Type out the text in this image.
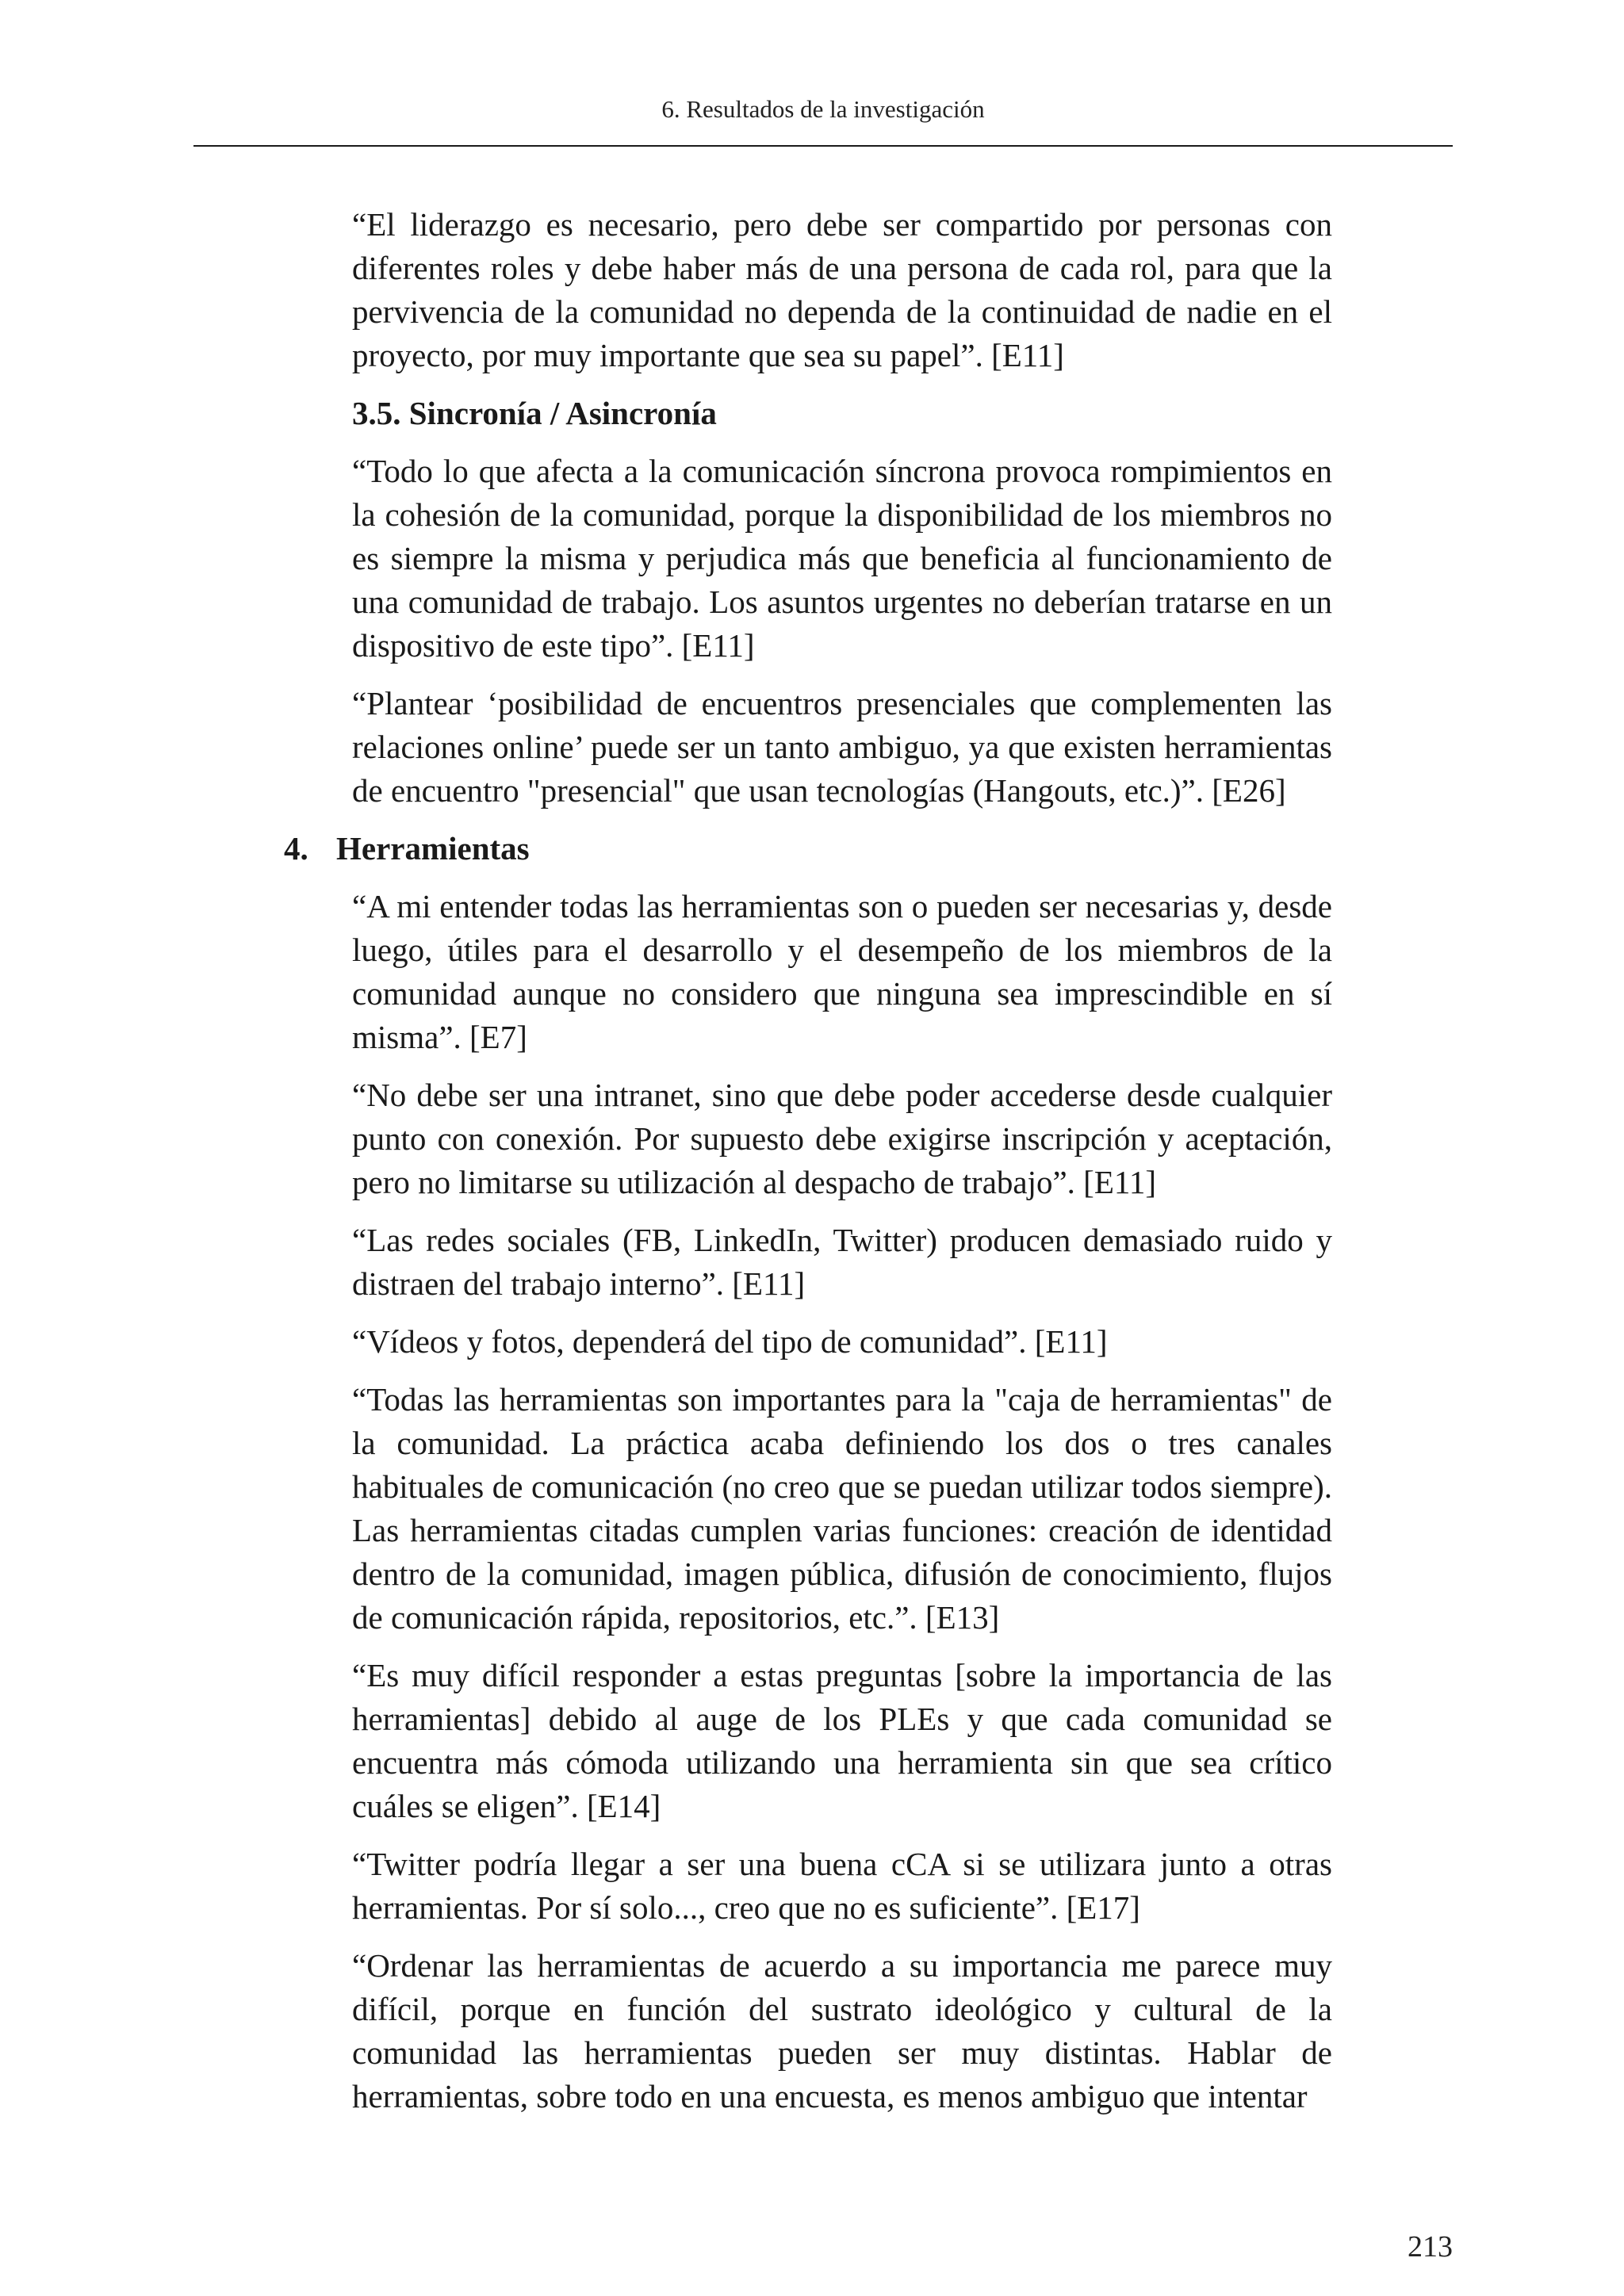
6. Resultados de la investigación

“El liderazgo es necesario, pero debe ser compartido por personas con diferentes roles y debe haber más de una persona de cada rol, para que la pervivencia de la comunidad no dependa de la continuidad de nadie en el proyecto, por muy importante que sea su papel”. [E11]

3.5. Sincronía / Asincronía

“Todo lo que afecta a la comunicación síncrona provoca rompimientos en la cohesión de la comunidad, porque la disponibilidad de los miembros no es siempre la misma y perjudica más que beneficia al funcionamiento de una comunidad de trabajo. Los asuntos urgentes no deberían tratarse en un dispositivo de este tipo”. [E11]

“Plantear ‘posibilidad de encuentros presenciales que complementen las relaciones online’ puede ser un tanto ambiguo, ya que existen herramientas de encuentro "presencial" que usan tecnologías (Hangouts, etc.)”. [E26]

4. Herramientas

“A mi entender todas las herramientas son o pueden ser necesarias y, desde luego, útiles para el desarrollo y el desempeño de los miembros de la comunidad aunque no considero que ninguna sea imprescindible en sí misma”. [E7]

“No debe ser una intranet, sino que debe poder accederse desde cualquier punto con conexión. Por supuesto debe exigirse inscripción y aceptación, pero no limitarse su utilización al despacho de trabajo”. [E11]

“Las redes sociales (FB, LinkedIn, Twitter) producen demasiado ruido y distraen del trabajo interno”. [E11]

“Vídeos y fotos, dependerá del tipo de comunidad”. [E11]

“Todas las herramientas son importantes para la "caja de herramientas" de la comunidad. La práctica acaba definiendo los dos o tres canales habituales de comunicación (no creo que se puedan utilizar todos siempre). Las herramientas citadas cumplen varias funciones: creación de identidad dentro de la comunidad, imagen pública, difusión de conocimiento, flujos de comunicación rápida, repositorios, etc.”. [E13]

“Es muy difícil responder a estas preguntas [sobre la importancia de las herramientas] debido al auge de los PLEs y que cada comunidad se encuentra más cómoda utilizando una herramienta sin que sea crítico cuáles se eligen”. [E14]

“Twitter podría llegar a ser una buena cCA si se utilizara junto a otras herramientas. Por sí solo..., creo que no es suficiente”. [E17]

“Ordenar las herramientas de acuerdo a su importancia me parece muy difícil, porque en función del sustrato ideológico y cultural de la comunidad las herramientas pueden ser muy distintas. Hablar de herramientas, sobre todo en una encuesta, es menos ambiguo que intentar

213
